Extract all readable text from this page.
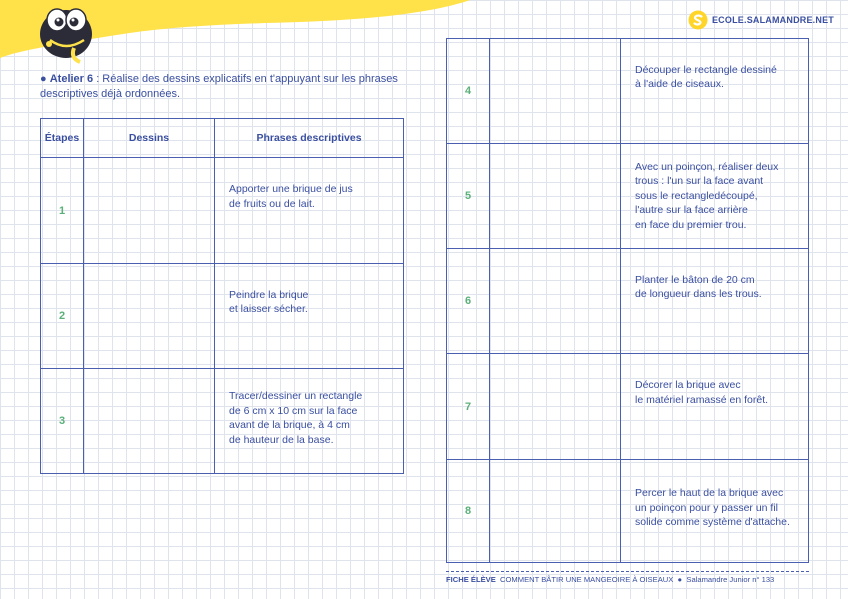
ECOLE.SALAMANDRE.NET
● Atelier 6 : Réalise des dessins explicatifs en t'appuyant sur les phrases descriptives déjà ordonnées.
Étapes	Dessins	Phrases descriptives
1		Apporter une brique de jus
de fruits ou de lait.

2		Peindre la brique
et laisser sécher.

3		Tracer/dessiner un rectangle
de 6 cm x 10 cm sur la face
avant de la brique, à 4 cm
de hauteur de la base.
4		Découper le rectangle dessiné
à l'aide de ciseaux.

5		Avec un poinçon, réaliser deux
trous : l'un sur la face avant
sous le rectangledécoupé,
l'autre sur la face arrière
en face du premier trou.

6		Planter le bâton de 20 cm
de longueur dans les trous.

7		Décorer la brique avec
le matériel ramassé en forêt.

8		Percer le haut de la brique avec
un poinçon pour y passer un fil
solide comme système d'attache.
FICHE ÉLÈVE COMMENT BÂTIR UNE MANGEOIRE À OISEAUX ● Salamandre Junior n° 133
